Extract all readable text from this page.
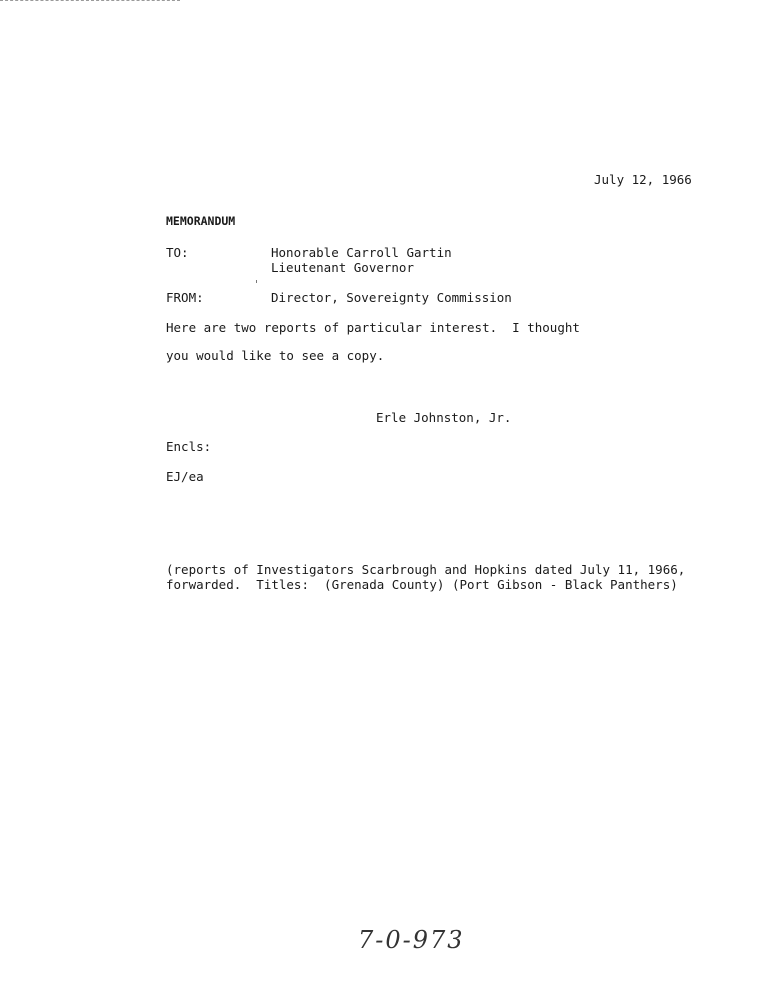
July 12, 1966
MEMORANDUM
TO:	Honorable Carroll Gartin
Lieutenant Governor
FROM:	Director, Sovereignty Commission
Here are two reports of particular interest.  I thought
you would like to see a copy.
Erle Johnston, Jr.
Encls:
EJ/ea
(reports of Investigators Scarbrough and Hopkins dated July 11, 1966,
forwarded.  Titles:  (Grenada County) (Port Gibson - Black Panthers)
7-0-973
